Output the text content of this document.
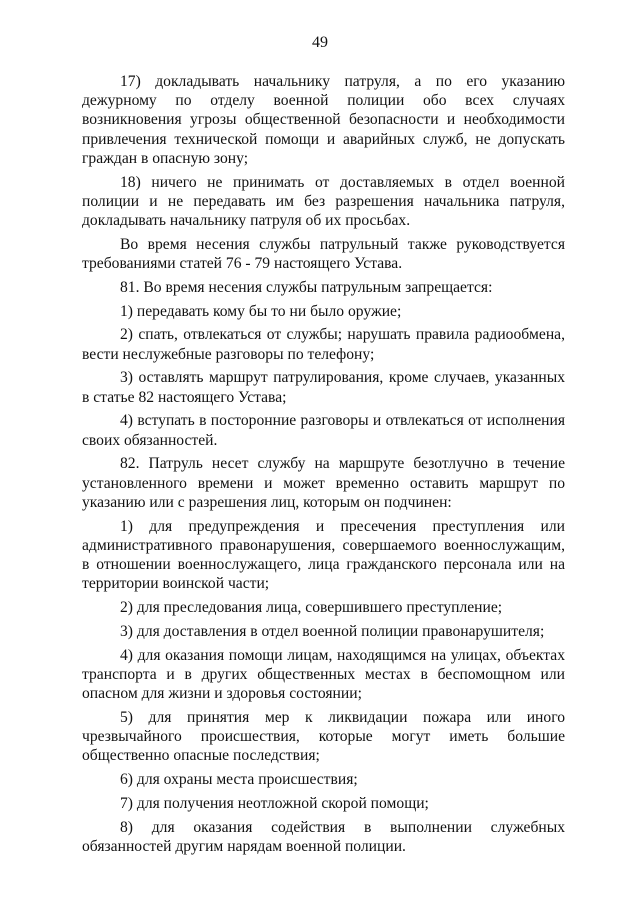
49

17) докладывать начальнику патруля, а по его указанию дежурному по отделу военной полиции обо всех случаях возникновения угрозы общественной безопасности и необходимости привлечения технической помощи и аварийных служб, не допускать граждан в опасную зону;

18) ничего не принимать от доставляемых в отдел военной полиции и не передавать им без разрешения начальника патруля, докладывать начальнику патруля об их просьбах.

Во время несения службы патрульный также руководствуется требованиями статей 76 - 79 настоящего Устава.

81. Во время несения службы патрульным запрещается:

1) передавать кому бы то ни было оружие;

2) спать, отвлекаться от службы; нарушать правила радиообмена, вести неслужебные разговоры по телефону;

3) оставлять маршрут патрулирования, кроме случаев, указанных в статье 82 настоящего Устава;

4) вступать в посторонние разговоры и отвлекаться от исполнения своих обязанностей.

82. Патруль несет службу на маршруте безотлучно в течение установленного времени и может временно оставить маршрут по указанию или с разрешения лиц, которым он подчинен:

1) для предупреждения и пресечения преступления или административного правонарушения, совершаемого военнослужащим, в отношении военнослужащего, лица гражданского персонала или на территории воинской части;

2) для преследования лица, совершившего преступление;

3) для доставления в отдел военной полиции правонарушителя;

4) для оказания помощи лицам, находящимся на улицах, объектах транспорта и в других общественных местах в беспомощном или опасном для жизни и здоровья состоянии;

5) для принятия мер к ликвидации пожара или иного чрезвычайного происшествия, которые могут иметь большие общественно опасные последствия;

6) для охраны места происшествия;

7) для получения неотложной скорой помощи;

8) для оказания содействия в выполнении служебных обязанностей другим нарядам военной полиции.
